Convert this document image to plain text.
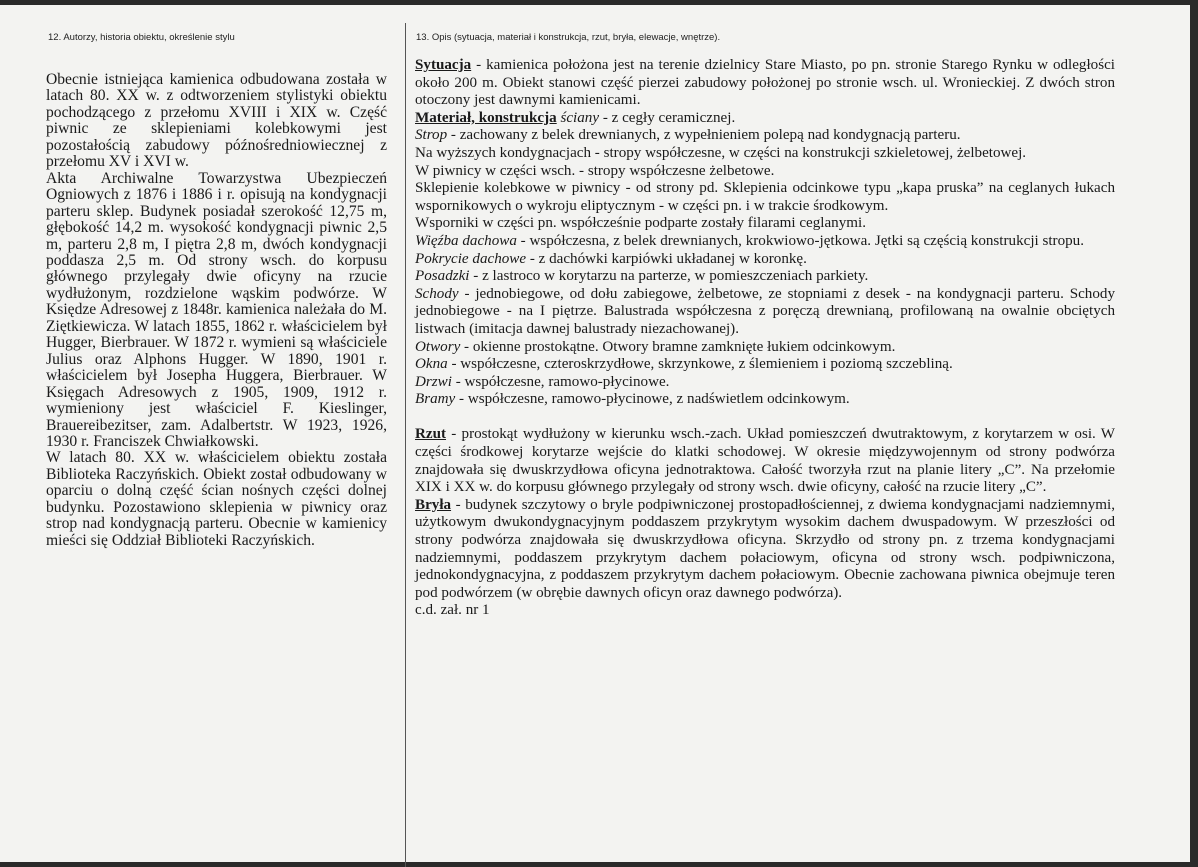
12. Autorzy, historia obiektu, określenie stylu	13. Opis (sytuacja, materiał i konstrukcja, rzut, bryła, elewacje, wnętrze).

Obecnie istniejąca kamienica odbudowana została w latach 80. XX w. z odtworzeniem stylistyki obiektu pochodzącego z przełomu XVIII i XIX w. Część piwnic ze sklepieniami kolebkowymi jest pozostałością zabudowy późnośredniowiecznej z przełomu XV i XVI w.

Akta Archiwalne Towarzystwa Ubezpieczeń Ogniowych z 1876 i 1886 i r. opisują na kondygnacji parteru sklep. Budynek posiadał szerokość 12,75 m, głębokość 14,2 m. wysokość kondygnacji piwnic 2,5 m, parteru 2,8 m, I piętra 2,8 m, dwóch kondygnacji poddasza 2,5 m. Od strony wsch. do korpusu głównego przylegały dwie oficyny na rzucie wydłużonym, rozdzielone wąskim podwórze. W Księdze Adresowej z 1848r. kamienica należała do M. Ziętkiewicza. W latach 1855, 1862 r. właścicielem był Hugger, Bierbrauer. W 1872 r. wymieni są właściciele Julius oraz Alphons Hugger. W 1890, 1901 r. właścicielem był Josepha Huggera, Bierbrauer. W Księgach Adresowych z 1905, 1909, 1912 r. wymieniony jest właściciel F. Kieslinger, Brauereibezitser, zam. Adalbertstr. W 1923, 1926, 1930 r. Franciszek Chwiałkowski.

W latach 80. XX w. właścicielem obiektu została Biblioteka Raczyńskich. Obiekt został odbudowany w oparciu o dolną część ścian nośnych części dolnej budynku. Pozostawiono sklepienia w piwnicy oraz strop nad kondygnacją parteru. Obecnie w kamienicy mieści się Oddział Biblioteki Raczyńskich.

Sytuacja - kamienica położona jest na terenie dzielnicy Stare Miasto, po pn. stronie Starego Rynku w odległości około 200 m. Obiekt stanowi część pierzei zabudowy położonej po stronie wsch. ul. Wronieckiej. Z dwóch stron otoczony jest dawnymi kamienicami.

Materiał, konstrukcja ściany - z cegły ceramicznej.

Strop - zachowany z belek drewnianych, z wypełnieniem polepą nad kondygnacją parteru.

Na wyższych kondygnacjach - stropy współczesne, w części na konstrukcji szkieletowej, żelbetowej.

W piwnicy w części wsch. - stropy współczesne żelbetowe.

Sklepienie kolebkowe w piwnicy - od strony pd. Sklepienia odcinkowe typu „kapa pruska” na ceglanych łukach wspornikowych o wykroju eliptycznym - w części pn. i w trakcie środkowym.

Wsporniki w części pn. współcześnie podparte zostały filarami ceglanymi.

Więźba dachowa - współczesna, z belek drewnianych, krokwiowo-jętkowa. Jętki są częścią konstrukcji stropu.

Pokrycie dachowe - z dachówki karpiówki układanej w koronkę.

Posadzki - z lastroco w korytarzu na parterze, w pomieszczeniach parkiety.

Schody - jednobiegowe, od dołu zabiegowe, żelbetowe, ze stopniami z desek - na kondygnacji parteru. Schody jednobiegowe - na I piętrze. Balustrada współczesna z poręczą drewnianą, profilowaną na owalnie obciętych listwach (imitacja dawnej balustrady niezachowanej).

Otwory - okienne prostokątne. Otwory bramne zamknięte łukiem odcinkowym.

Okna - współczesne, czteroskrzydłowe, skrzynkowe, z ślemieniem i poziomą szczebliną.

Drzwi - współczesne, ramowo-płycinowe.

Bramy - współczesne, ramowo-płycinowe, z nadświetlem odcinkowym.

Rzut - prostokąt wydłużony w kierunku wsch.-zach. Układ pomieszczeń dwutraktowym, z korytarzem w osi. W części środkowej korytarze wejście do klatki schodowej. W okresie międzywojennym od strony podwórza znajdowała się dwuskrzydłowa oficyna jednotraktowa. Całość tworzyła rzut na planie litery „C”. Na przełomie XIX i XX w. do korpusu głównego przylegały od strony wsch. dwie oficyny, całość na rzucie litery „C”.

Bryła - budynek szczytowy o bryle podpiwniczonej prostopadłościennej, z dwiema kondygnacjami nadziemnymi, użytkowym dwukondygnacyjnym poddaszem przykrytym wysokim dachem dwuspadowym. W przeszłości od strony podwórza znajdowała się dwuskrzydłowa oficyna. Skrzydło od strony pn. z trzema kondygnacjami nadziemnymi, poddaszem przykrytym dachem połaciowym, oficyna od strony wsch. podpiwniczona, jednokondygnacyjna, z poddaszem przykrytym dachem połaciowym. Obecnie zachowana piwnica obejmuje teren pod podwórzem (w obrębie dawnych oficyn oraz dawnego podwórza).

c.d. zał. nr 1
